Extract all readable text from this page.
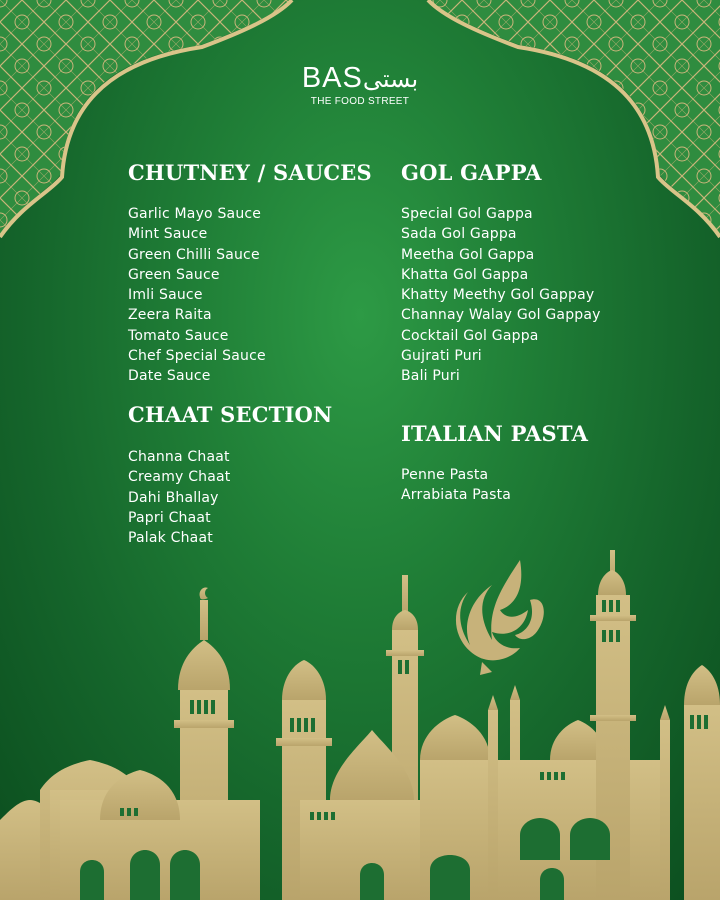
BASبستی
THE FOOD STREET
CHUTNEY / SAUCES
Garlic Mayo Sauce
Mint Sauce
Green Chilli Sauce
Green Sauce
Imli Sauce
Zeera Raita
Tomato Sauce
Chef Special Sauce
Date Sauce
CHAAT SECTION
Channa Chaat
Creamy Chaat
Dahi Bhallay
Papri Chaat
Palak Chaat
GOL GAPPA
Special Gol Gappa
Sada Gol Gappa
Meetha Gol Gappa
Khatta Gol Gappa
Khatty Meethy Gol Gappay
Channay Walay Gol Gappay
Cocktail Gol Gappa
Gujrati Puri
Bali Puri
ITALIAN PASTA
Penne Pasta
Arrabiata Pasta
